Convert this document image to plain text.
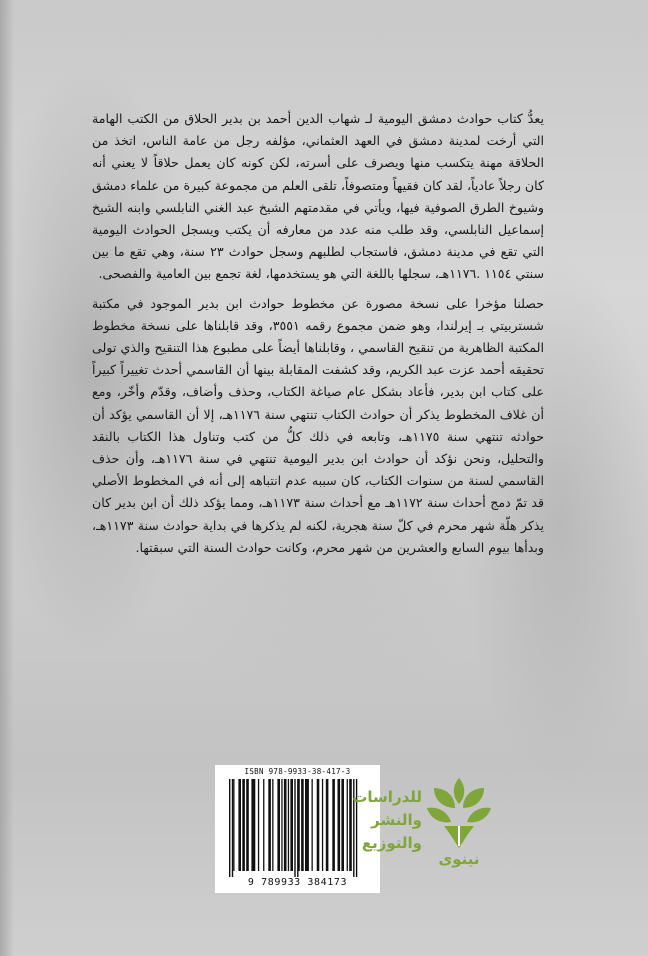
يعدُّ كتاب حوادث دمشق اليومية لـ شهاب الدين أحمد بن بدير الحلاق من الكتب الهامة التي أرخت لمدينة دمشق في العهد العثماني، مؤلفه رجل من عامة الناس، اتخذ من الحلاقة مهنة يتكسب منها ويصرف على أسرته، لكن كونه كان يعمل حلاقاً لا يعني أنه كان رجلاً عادياً، لقد كان فقيهاً ومتصوفاً، تلقى العلم من مجموعة كبيرة من علماء دمشق وشيوخ الطرق الصوفية فيها، ويأتي في مقدمتهم الشيخ عبد الغني النابلسي وابنه الشيخ إسماعيل النابلسي، وقد طلب منه عدد من معارفه أن يكتب ويسجل الحوادث اليومية التي تقع في مدينة دمشق، فاستجاب لطلبهم وسجل حوادث ٢٣ سنة، وهي تقع ما بين سنتي ١١٥٤ .١١٧٦هـ، سجلها باللغة التي هو يستخدمها، لغة تجمع بين العامية والفصحى.

حصلنا مؤخرا على نسخة مصورة عن مخطوط حوادث ابن بدير الموجود في مكتبة شستربيتي بـ إيرلندا، وهو ضمن مجموع رقمه ٣٥٥١، وقد قابلناها على نسخة مخطوط المكتبة الظاهرية من تنقيح القاسمي ، وقابلناها أيضاً على مطبوع هذا التنقيح والذي تولى تحقيقه أحمد عزت عبد الكريم، وقد كشفت المقابلة بينها أن القاسمي أحدث تغييراً كبيراً على كتاب ابن بدير، فأعاد بشكل عام صياغة الكتاب، وحذف وأضاف، وقدّم وأخّر، ومع أن غلاف المخطوط يذكر أن حوادث الكتاب تنتهي سنة ١١٧٦هـ، إلا أن القاسمي يؤكد أن حوادثه تنتهي سنة ١١٧٥هـ، وتابعه في ذلك كلُّ من كتب وتناول هذا الكتاب بالنقد والتحليل، ونحن نؤكد أن حوادث ابن بدير اليومية تنتهي في سنة ١١٧٦هـ، وأن حذف القاسمي لسنة من سنوات الكتاب، كان سببه عدم انتباهه إلى أنه في المخطوط الأصلي قد تمّ دمج أحداث سنة ١١٧٢هـ مع أحداث سنة ١١٧٣هـ، ومما يؤكد ذلك أن ابن بدير كان يذكر هلّة شهر محرم في كلّ سنة هجرية، لكنه لم يذكرها في بداية حوادث سنة ١١٧٣هـ، وبدأها بيوم السابع والعشرين من شهر محرم، وكانت حوادث السنة التي سبقتها.

ISBN 978-9933-38-417-3
9 789933 384173
للدراسات
والنشر
والتوزيع
نينوى
